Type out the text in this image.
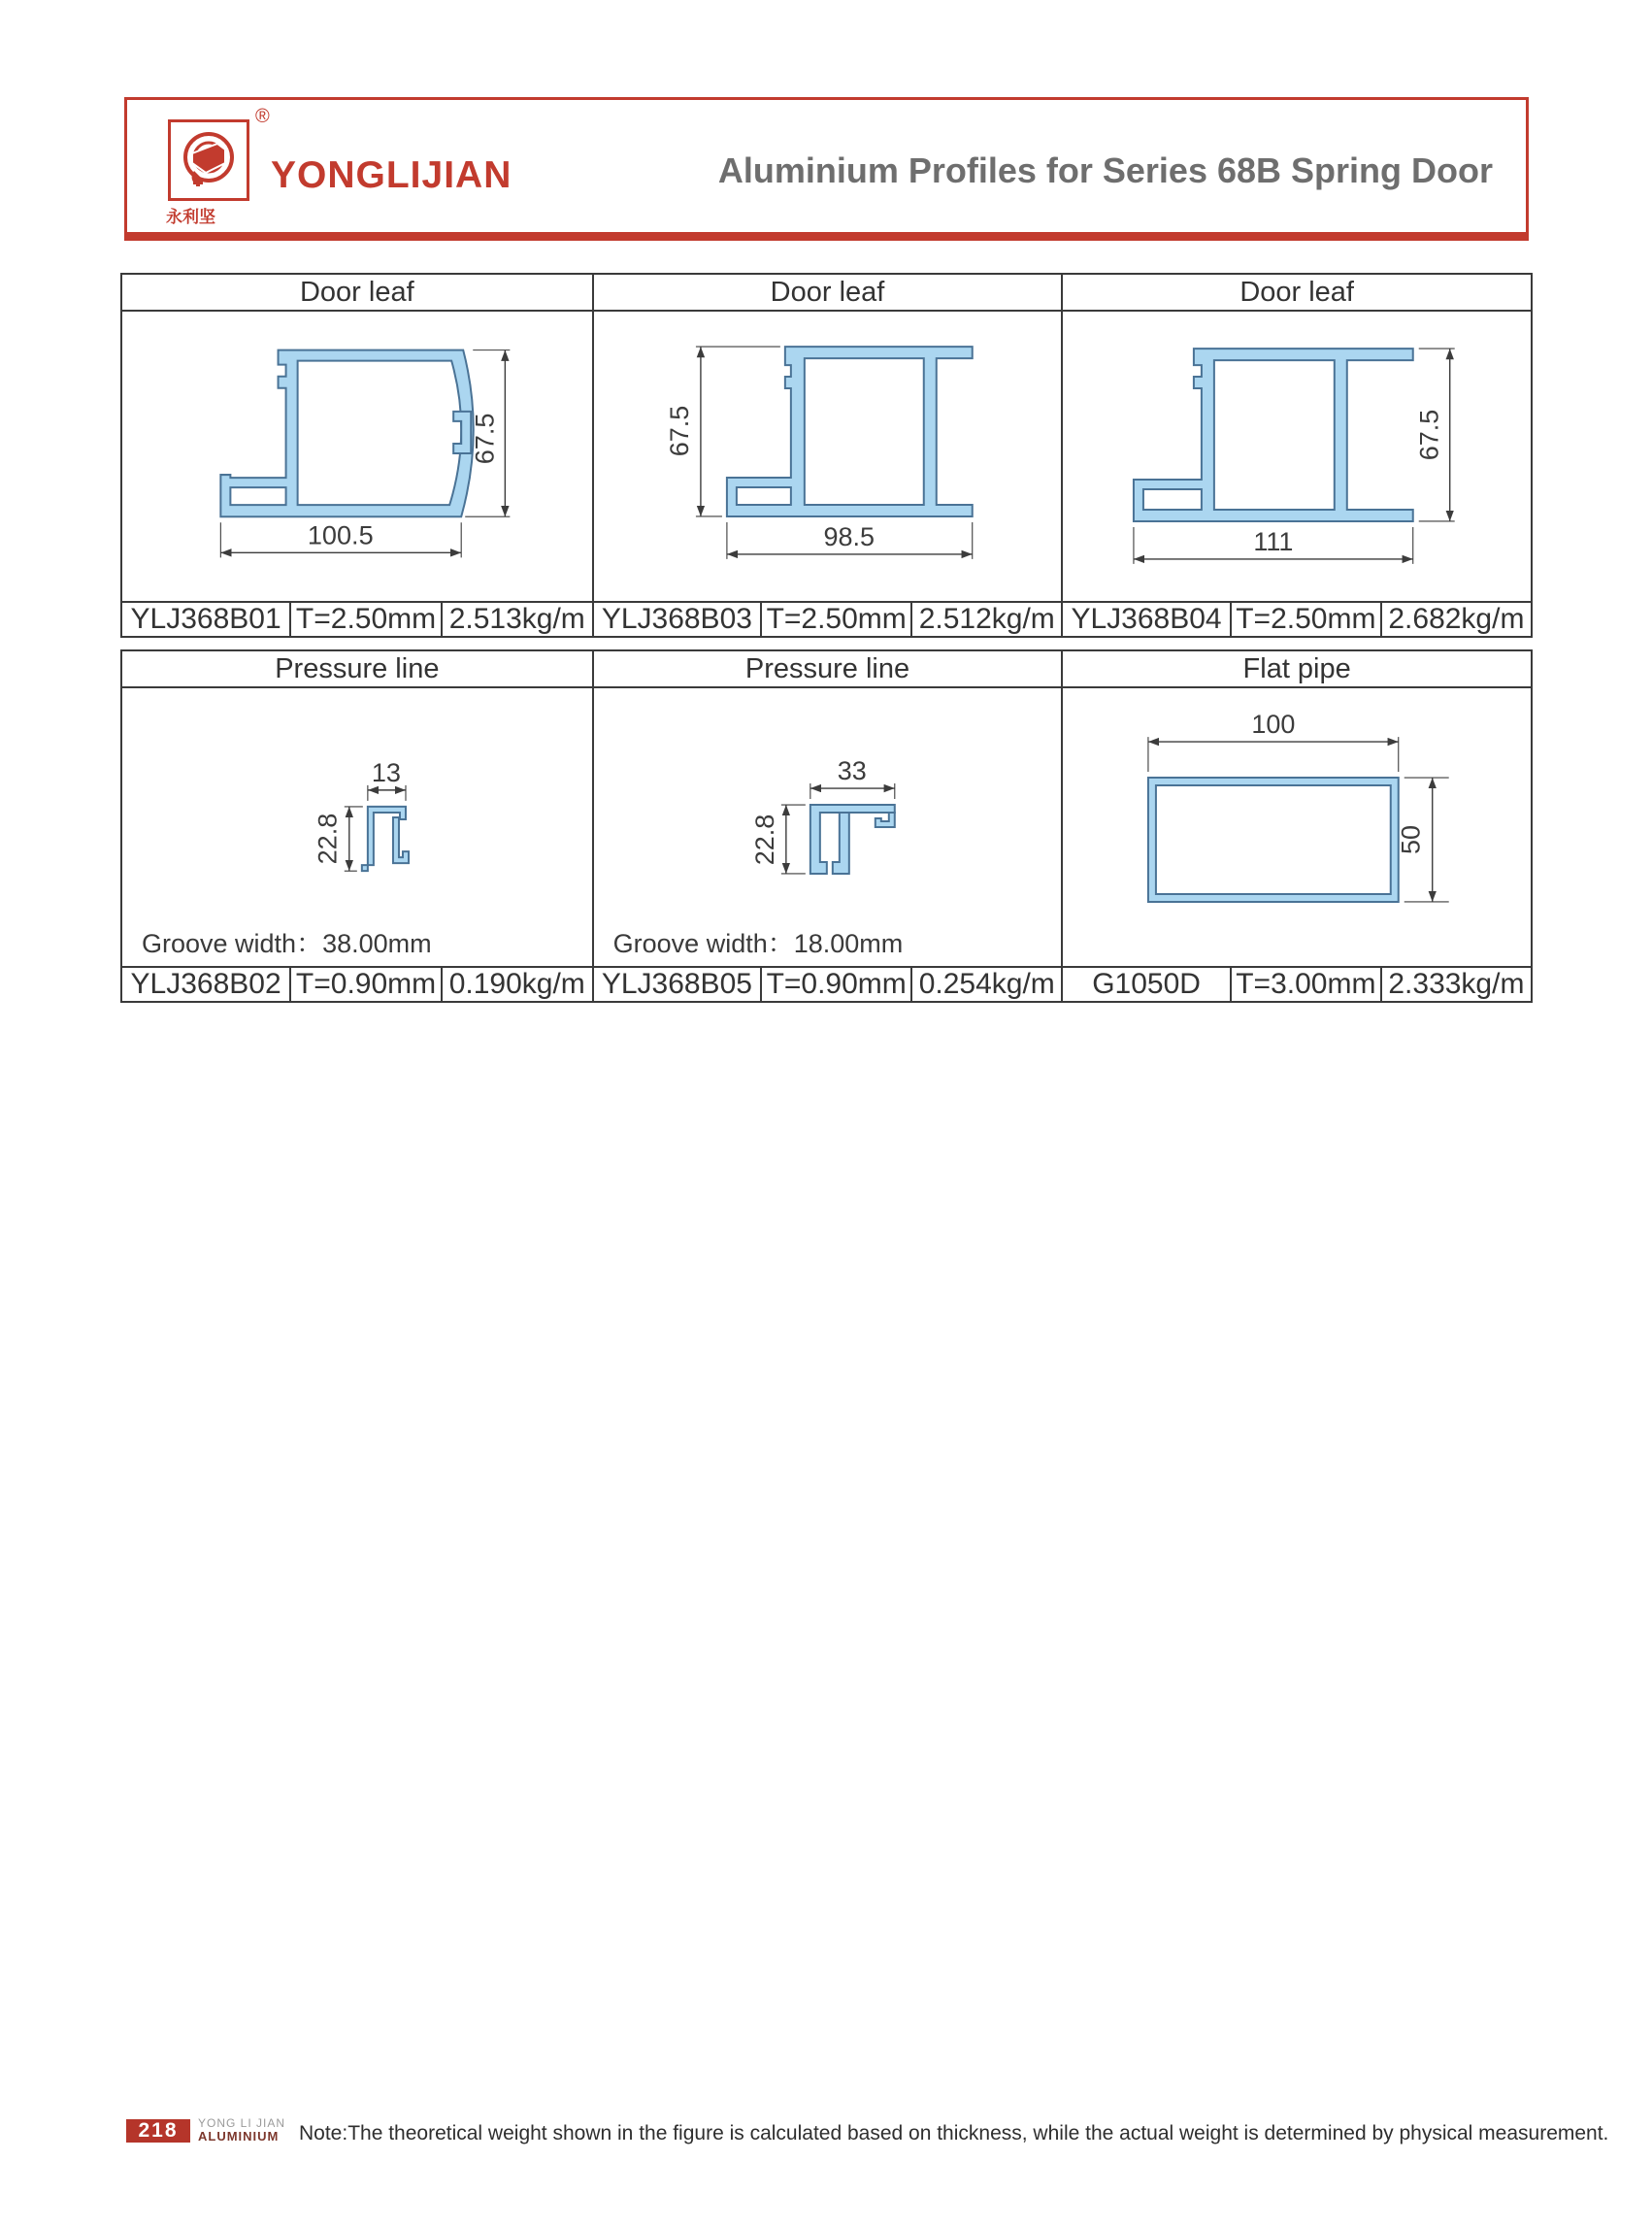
®
永利坚
YONGLIJIAN	Aluminium Profiles for Series 68B Spring Door
Door leaf
100.5
67.5
YLJ368B01 T=2.50mm 2.513kg/m
Door leaf
67.5
98.5
YLJ368B03 T=2.50mm 2.512kg/m
Door leaf
111
67.5
YLJ368B04 T=2.50mm 2.682kg/m
Pressure line
13
22.8
Groove width：38.00mm
YLJ368B02 T=0.90mm 0.190kg/m
Pressure line
33
22.8
Groove width：18.00mm
YLJ368B05 T=0.90mm 0.254kg/m
Flat pipe
100
50
G1050D	T=3.00mm 2.333kg/m
218	YONG LI JIAN
ALUMINIUM Note:The theoretical weight shown in the figure is calculated based on thickness, while the actual weight is determined by physical measurement.
